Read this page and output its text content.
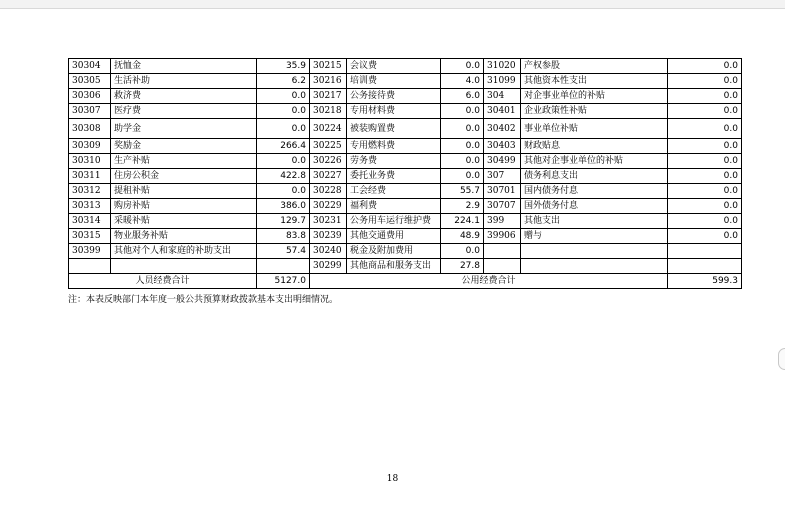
30304	抚恤金	35.9	30215	会议费	0.0	31020	产权参股	0.0
30305	生活补助	6.2	30216	培训费	4.0	31099	其他资本性支出	0.0
30306	救济费	0.0	30217	公务接待费	6.0	304	对企事业单位的补贴	0.0
30307	医疗费	0.0	30218	专用材料费	0.0	30401	企业政策性补贴	0.0
30308	助学金	0.0	30224	被装购置费	0.0	30402	事业单位补贴	0.0
30309	奖励金	266.4	30225	专用燃料费	0.0	30403	财政贴息	0.0
30310	生产补贴	0.0	30226	劳务费	0.0	30499	其他对企事业单位的补贴	0.0
30311	住房公积金	422.8	30227	委托业务费	0.0	307	债务利息支出	0.0
30312	提租补贴	0.0	30228	工会经费	55.7	30701	国内债务付息	0.0
30313	购房补贴	386.0	30229	福利费	2.9	30707	国外债务付息	0.0
30314	采暖补贴	129.7	30231	公务用车运行维护费	224.1	399	其他支出	0.0
30315	物业服务补贴	83.8	30239	其他交通费用	48.9	39906	赠与	0.0
30399	其他对个人和家庭的补助支出	57.4	30240	税金及附加费用	0.0			
			30299	其他商品和服务支出	27.8			
人员经费合计		5127.0	公用经费合计					599.3
注：本表反映部门本年度一般公共预算财政拨款基本支出明细情况。
18
